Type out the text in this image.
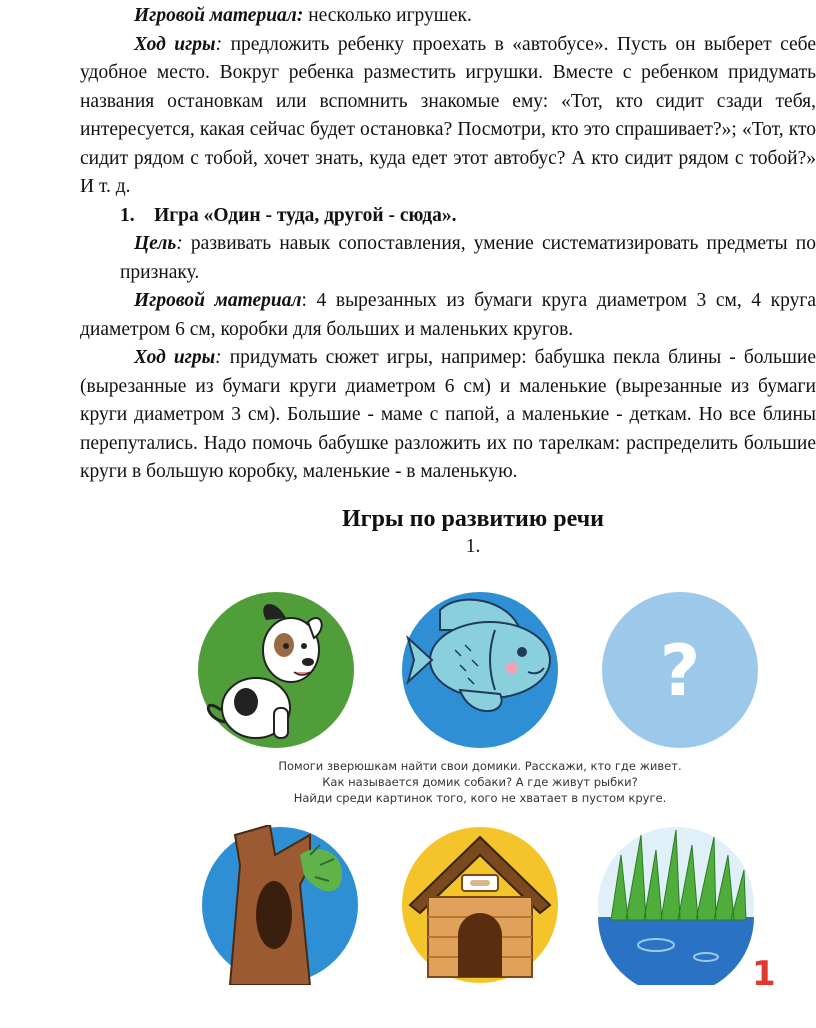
Игровой материал: несколько игрушек.

Ход игры: предложить ребенку проехать в «автобусе». Пусть он выберет себе удобное место. Вокруг ребенка разместить игрушки. Вместе с ребенком придумать названия остановкам или вспомнить знакомые ему: «Тот, кто сидит сзади тебя, интересуется, какая сейчас будет остановка? Посмотри, кто это спрашивает?»; «Тот, кто сидит рядом с тобой, хочет знать, куда едет этот автобус? А кто сидит рядом с тобой?» И т. д.

1. Игра «Один - туда, другой - сюда».

Цель: развивать навык сопоставления, умение систематизировать предметы по признаку.

Игровой материал: 4 вырезанных из бумаги круга диаметром 3 см, 4 круга диаметром 6 см, коробки для больших и маленьких кругов.

Ход игры: придумать сюжет игры, например: бабушка пекла блины - большие (вырезанные из бумаги круги диаметром 6 см) и маленькие (вырезанные из бумаги круги диаметром 3 см). Большие - маме с папой, а маленькие - деткам. Но все блины перепутались. Надо помочь бабушке разложить их по тарелкам: распределить большие круги в большую коробку, маленькие - в маленькую.

Игры по развитию речи
1.
?
Помоги зверюшкам найти свои домики. Расскажи, кто где живет.
Как называется домик собаки? А где живут рыбки?
Найди среди картинок того, кого не хватает в пустом круге.
1
